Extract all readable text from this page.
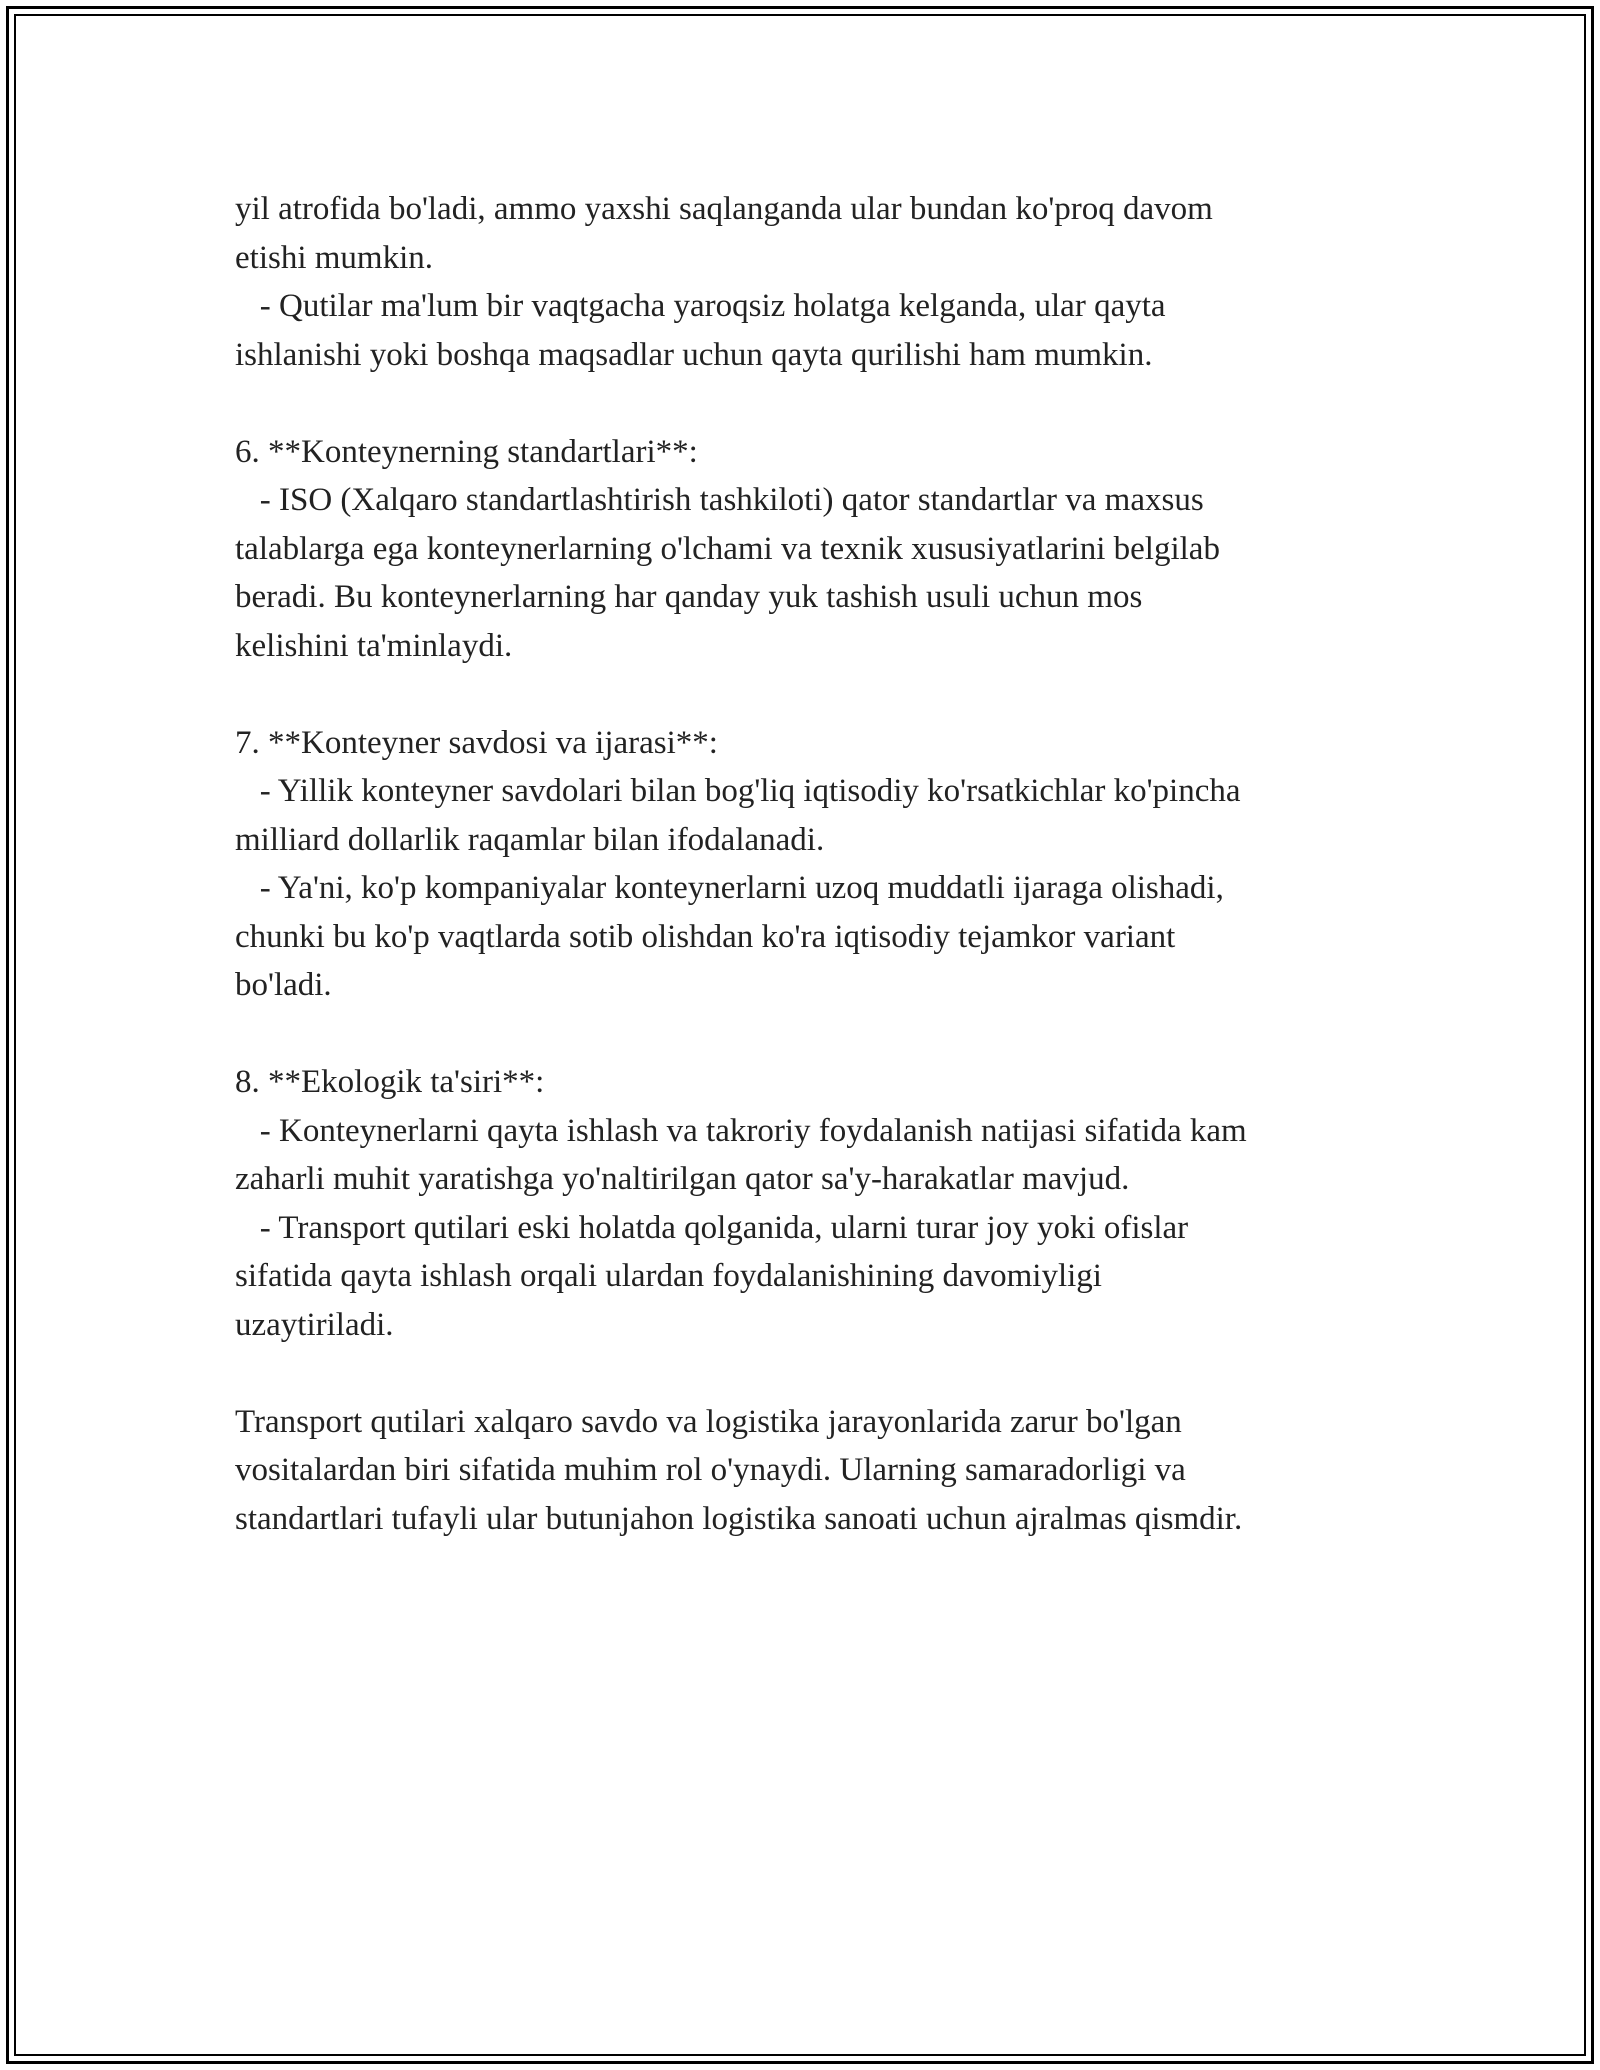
yil atrofida bo'ladi, ammo yaxshi saqlanganda ular bundan ko'proq davom
etishi mumkin.
- Qutilar ma'lum bir vaqtgacha yaroqsiz holatga kelganda, ular qayta
ishlanishi yoki boshqa maqsadlar uchun qayta qurilishi ham mumkin.
6. **Konteynerning standartlari**:
- ISO (Xalqaro standartlashtirish tashkiloti) qator standartlar va maxsus
talablarga ega konteynerlarning o'lchami va texnik xususiyatlarini belgilab
beradi. Bu konteynerlarning har qanday yuk tashish usuli uchun mos
kelishini ta'minlaydi.
7. **Konteyner savdosi va ijarasi**:
- Yillik konteyner savdolari bilan bog'liq iqtisodiy ko'rsatkichlar ko'pincha
milliard dollarlik raqamlar bilan ifodalanadi.
- Ya'ni, ko'p kompaniyalar konteynerlarni uzoq muddatli ijaraga olishadi,
chunki bu ko'p vaqtlarda sotib olishdan ko'ra iqtisodiy tejamkor variant
bo'ladi.
8. **Ekologik ta'siri**:
- Konteynerlarni qayta ishlash va takroriy foydalanish natijasi sifatida kam
zaharli muhit yaratishga yo'naltirilgan qator sa'y-harakatlar mavjud.
- Transport qutilari eski holatda qolganida, ularni turar joy yoki ofislar
sifatida qayta ishlash orqali ulardan foydalanishining davomiyligi
uzaytiriladi.
Transport qutilari xalqaro savdo va logistika jarayonlarida zarur bo'lgan
vositalardan biri sifatida muhim rol o'ynaydi. Ularning samaradorligi va
standartlari tufayli ular butunjahon logistika sanoati uchun ajralmas qismdir.
